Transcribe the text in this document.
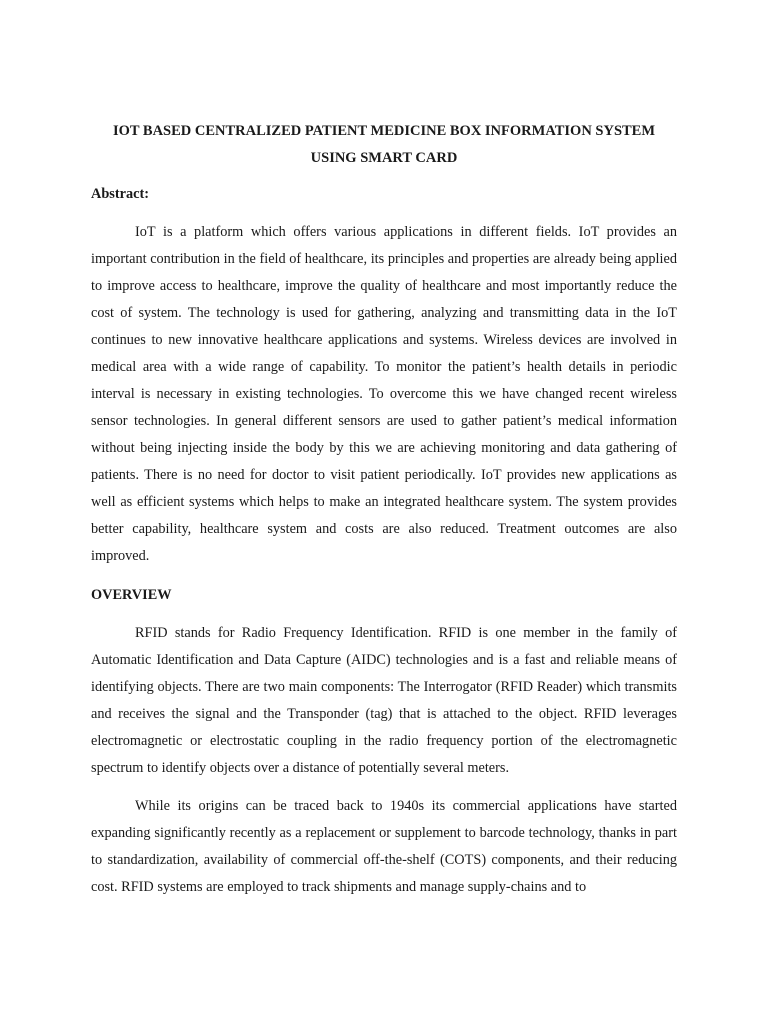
IOT BASED CENTRALIZED PATIENT MEDICINE BOX INFORMATION SYSTEM
USING SMART CARD

Abstract:

IoT is a platform which offers various applications in different fields. IoT provides an important contribution in the field of healthcare, its principles and properties are already being applied to improve access to healthcare, improve the quality of healthcare and most importantly reduce the cost of system. The technology is used for gathering, analyzing and transmitting data in the IoT continues to new innovative healthcare applications and systems. Wireless devices are involved in medical area with a wide range of capability. To monitor the patient’s health details in periodic interval is necessary in existing technologies. To overcome this we have changed recent wireless sensor technologies. In general different sensors are used to gather patient’s medical information without being injecting inside the body by this we are achieving monitoring and data gathering of patients. There is no need for doctor to visit patient periodically. IoT provides new applications as well as efficient systems which helps to make an integrated healthcare system. The system provides better capability, healthcare system and costs are also reduced. Treatment outcomes are also improved.

OVERVIEW

RFID stands for Radio Frequency Identification. RFID is one member in the family of Automatic Identification and Data Capture (AIDC) technologies and is a fast and reliable means of identifying objects. There are two main components: The Interrogator (RFID Reader) which transmits and receives the signal and the Transponder (tag) that is attached to the object. RFID leverages electromagnetic or electrostatic coupling in the radio frequency portion of the electromagnetic spectrum to identify objects over a distance of potentially several meters.

While its origins can be traced back to 1940s its commercial applications have started expanding significantly recently as a replacement or supplement to barcode technology, thanks in part to standardization, availability of commercial off-the-shelf (COTS) components, and their reducing cost. RFID systems are employed to track shipments and manage supply-chains and to
